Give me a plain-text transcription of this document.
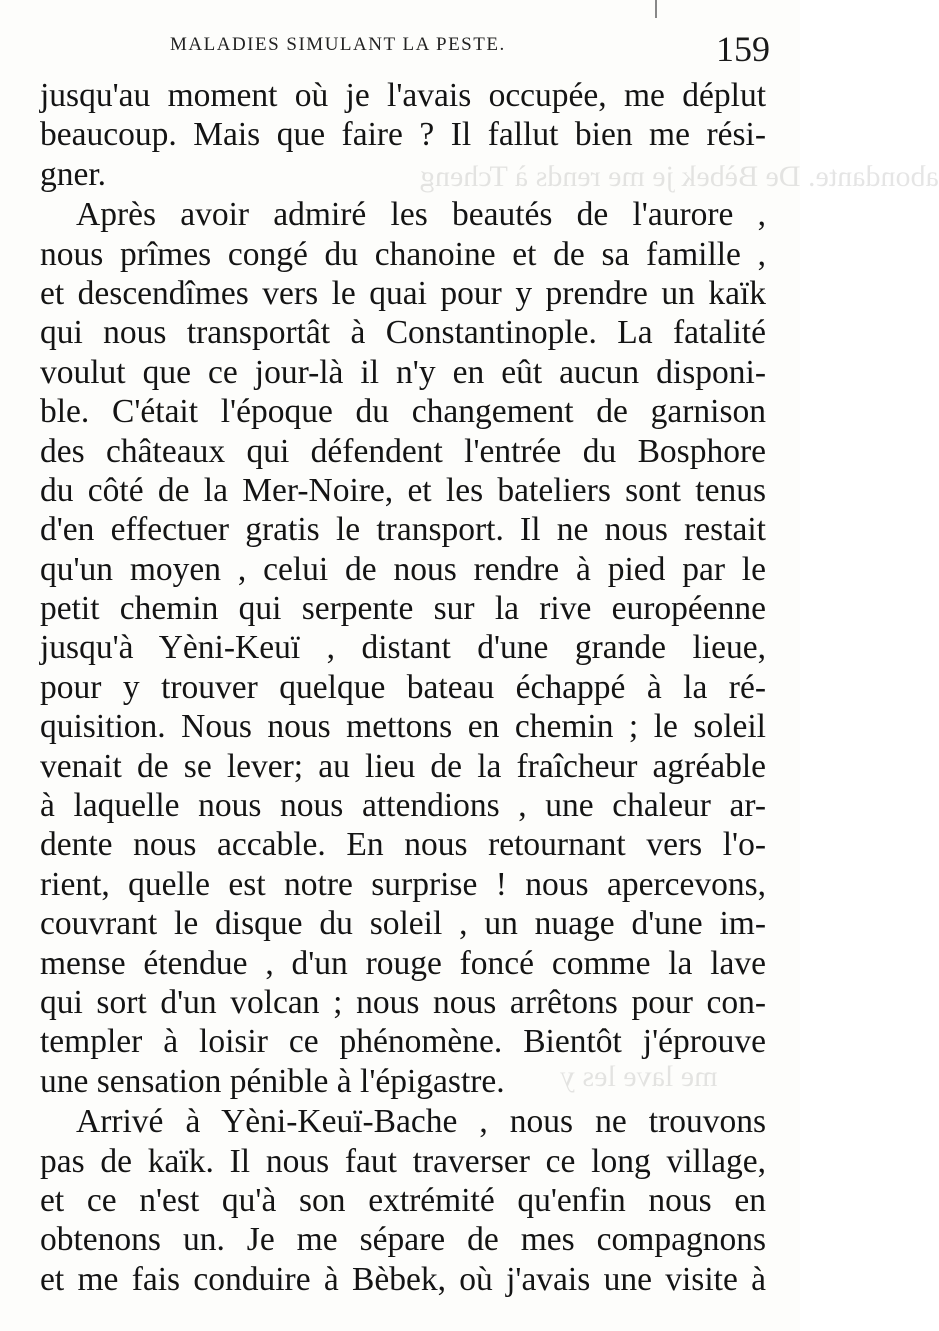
abondante. De Bèbek je me rends à Tcheng
me lave les y
MALADIES SIMULANT LA PESTE.	159
jusqu'au moment où je l'avais occupée, me déplut
beaucoup. Mais que faire ? Il fallut bien me rési-
gner.
Après avoir admiré les beautés de l'aurore ,
nous prîmes congé du chanoine et de sa famille ,
et descendîmes vers le quai pour y prendre un kaïk
qui nous transportât à Constantinople. La fatalité
voulut que ce jour-là il n'y en eût aucun disponi-
ble. C'était l'époque du changement de garnison
des châteaux qui défendent l'entrée du Bosphore
du côté de la Mer-Noire, et les bateliers sont tenus
d'en effectuer gratis le transport. Il ne nous restait
qu'un moyen , celui de nous rendre à pied par le
petit chemin qui serpente sur la rive européenne
jusqu'à Yèni-Keuï , distant d'une grande lieue,
pour y trouver quelque bateau échappé à la ré-
quisition. Nous nous mettons en chemin ; le soleil
venait de se lever; au lieu de la fraîcheur agréable
à laquelle nous nous attendions , une chaleur ar-
dente nous accable. En nous retournant vers l'o-
rient, quelle est notre surprise ! nous apercevons,
couvrant le disque du soleil , un nuage d'une im-
mense étendue , d'un rouge foncé comme la lave
qui sort d'un volcan ; nous nous arrêtons pour con-
templer à loisir ce phénomène. Bientôt j'éprouve
une sensation pénible à l'épigastre.
Arrivé à Yèni-Keuï-Bache , nous ne trouvons
pas de kaïk. Il nous faut traverser ce long village,
et ce n'est qu'à son extrémité qu'enfin nous en
obtenons un. Je me sépare de mes compagnons
et me fais conduire à Bèbek, où j'avais une visite à
